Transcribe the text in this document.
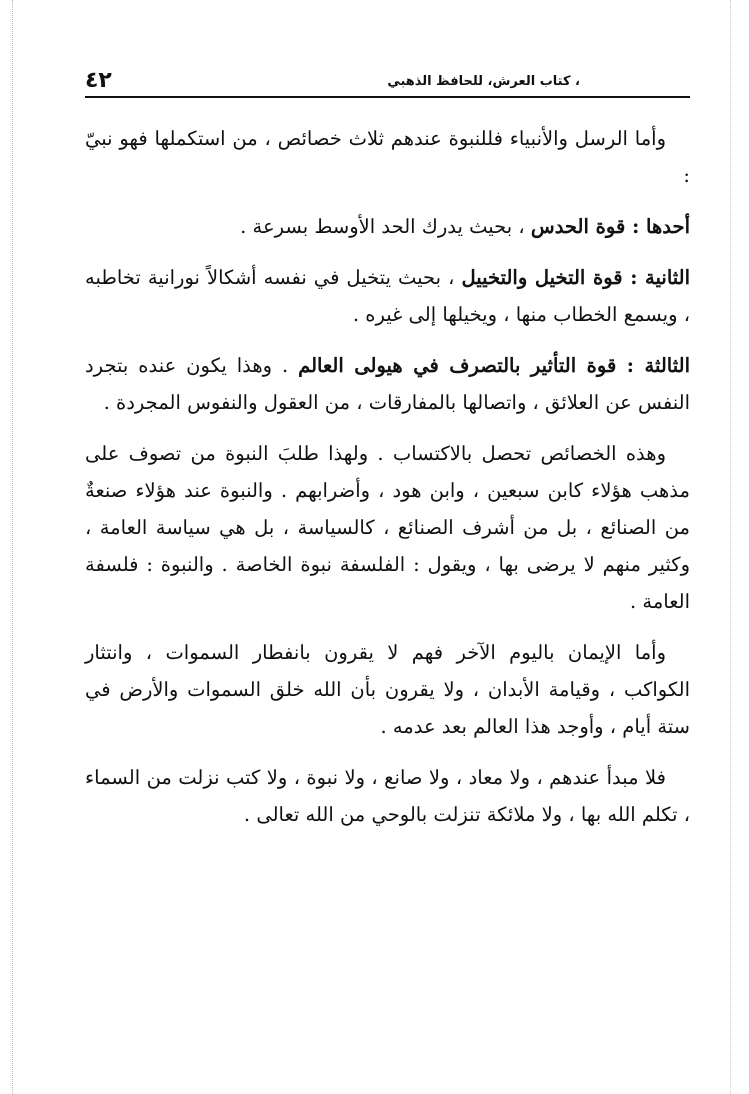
، كتاب العرش، للحافظ الذهبي
٤٢

وأما الرسل والأنبياء فللنبوة عندهم ثلاث خصائص ، من استكملها فهو نبيّ :

أحدها : قوة الحدس ، بحيث يدرك الحد الأوسط بسرعة .

الثانية : قوة التخيل والتخييل ، بحيث يتخيل في نفسه أشكالاً نورانية تخاطبه ، ويسمع الخطاب منها ، ويخيلها إلى غيره .

الثالثة : قوة التأثير بالتصرف في هيولى العالم . وهذا يكون عنده بتجرد النفس عن العلائق ، واتصالها بالمفارقات ، من العقول والنفوس المجردة .

وهذه الخصائص تحصل بالاكتساب . ولهذا طلبَ النبوة من تصوف على مذهب هؤلاء كابن سبعين ، وابن هود ، وأضرابهم . والنبوة عند هؤلاء صنعةٌ من الصنائع ، بل من أشرف الصنائع ، كالسياسة ، بل هي سياسة العامة ، وكثير منهم لا يرضى بها ، ويقول : الفلسفة نبوة الخاصة . والنبوة : فلسفة العامة .

وأما الإيمان باليوم الآخر فهم لا يقرون بانفطار السموات ، وانتثار الكواكب ، وقيامة الأبدان ، ولا يقرون بأن الله خلق السموات والأرض في ستة أيام ، وأوجد هذا العالم بعد عدمه .

فلا مبدأ عندهم ، ولا معاد ، ولا صانع ، ولا نبوة ، ولا كتب نزلت من السماء ، تكلم الله بها ، ولا ملائكة تنزلت بالوحي من الله تعالى .
